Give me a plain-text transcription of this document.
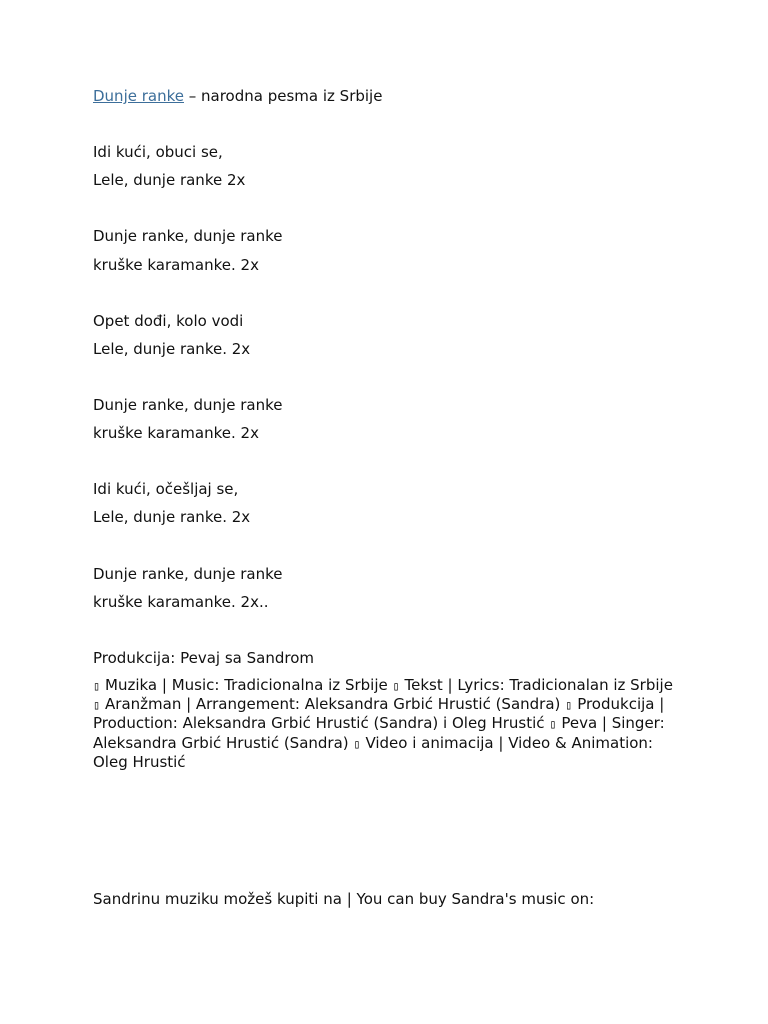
Dunje ranke – narodna pesma iz Srbije
Idi kući, obuci se,
Lele, dunje ranke 2x
Dunje ranke, dunje ranke
kruške karamanke. 2x
Opet dođi, kolo vodi
Lele, dunje ranke. 2x
Dunje ranke, dunje ranke
kruške karamanke. 2x
Idi kući, očešljaj se,
Lele, dunje ranke. 2x
Dunje ranke, dunje ranke
kruške karamanke. 2x..
Produkcija: Pevaj sa Sandrom
▯ Muzika | Music: Tradicionalna iz Srbije ▯ Tekst | Lyrics: Tradicionalan iz Srbije ▯ Aranžman | Arrangement: Aleksandra Grbić Hrustić (Sandra) ▯ Produkcija | Production: Aleksandra Grbić Hrustić (Sandra) i Oleg Hrustić ▯ Peva | Singer: Aleksandra Grbić Hrustić (Sandra) ▯ Video i animacija | Video & Animation: Oleg Hrustić
Sandrinu muziku možeš kupiti na | You can buy Sandra's music on:
